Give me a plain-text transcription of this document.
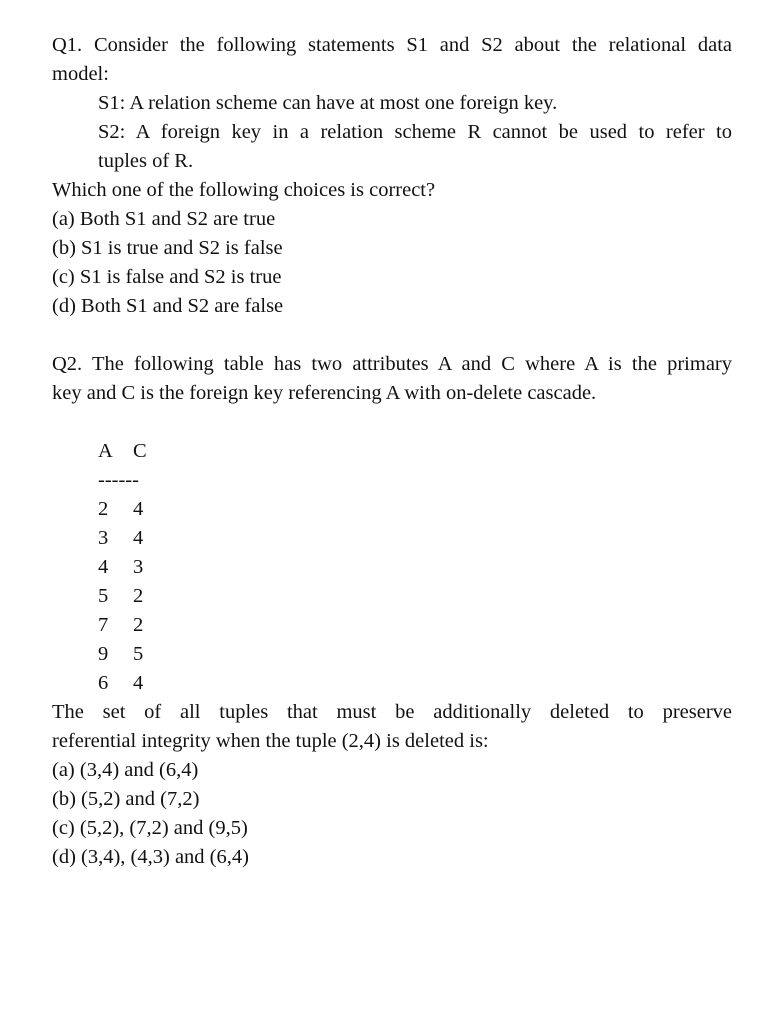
Q1. Consider the following statements S1 and S2 about the relational data
model:
S1: A relation scheme can have at most one foreign key.
S2: A foreign key in a relation scheme R cannot be used to refer to
tuples of R.
Which one of the following choices is correct?
(a) Both S1 and S2 are true
(b) S1 is true and S2 is false
(c) S1 is false and S2 is true
(d) Both S1 and S2 are false
Q2. The following table has two attributes A and C where A is the primary
key and C is the foreign key referencing A with on-delete cascade.
A C
------
2	4
3	4
4	3
5	2
7	2
9	5
6	4
The set of all tuples that must be additionally deleted to preserve
referential integrity when the tuple (2,4) is deleted is:
(a) (3,4) and (6,4)
(b) (5,2) and (7,2)
(c) (5,2), (7,2) and (9,5)
(d) (3,4), (4,3) and (6,4)
